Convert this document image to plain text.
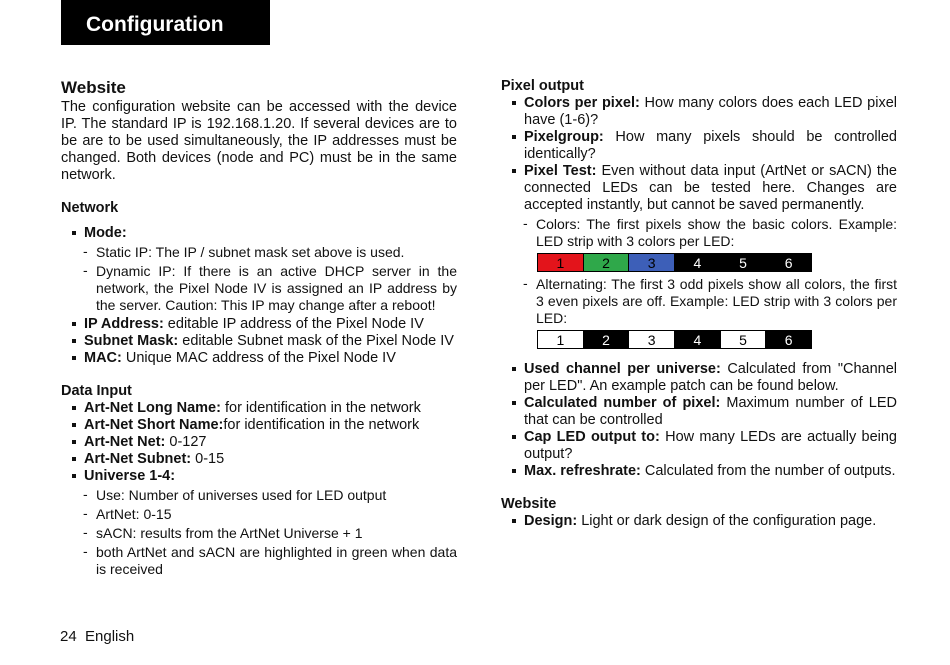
Configuration
Website

The configuration website can be accessed with the device IP. The standard IP is 192.168.1.20. If several devices are to be are to be used simultaneously, the IP addresses must be changed. Both devices (node and PC) must be in the same network.

Network

Mode:

- Static IP: The IP / subnet mask set above is used.

- Dynamic IP: If there is an active DHCP server in the network, the Pixel Node IV is assigned an IP address by the server. Caution: This IP may change after a reboot!

IP Address: editable IP address of the Pixel Node IV

Subnet Mask: editable Subnet mask of the Pixel Node IV

MAC: Unique MAC address of the Pixel Node IV

Data Input

Art-Net Long Name: for identification in the network

Art-Net Short Name:for identification in the network

Art-Net Net: 0-127

Art-Net Subnet: 0-15

Universe 1-4:

- Use: Number of universes used for LED output

- ArtNet: 0-15

- sACN: results from the ArtNet Universe + 1

- both ArtNet and sACN are highlighted in green when data is received

Pixel output

Colors per pixel: How many colors does each LED pixel have (1-6)?

Pixelgroup: How many pixels should be controlled identically?

Pixel Test: Even without data input (ArtNet or sACN) the connected LEDs can be tested here. Changes are accepted instantly, but cannot be saved permanently.

- Colors: The first pixels show the basic colors. Example: LED strip with 3 colors per LED:

1	2	3	4	5	6

- Alternating: The first 3 odd pixels show all colors, the first 3 even pixels are off. Example: LED strip with 3 colors per LED:

1	2	3	4	5	6

Used channel per universe: Calculated from "Channel per LED". An example patch can be found below.

Calculated number of pixel: Maximum number of LED that can be controlled

Cap LED output to: How many LEDs are actually being output?

Max. refreshrate: Calculated from the number of outputs.

Website

Design: Light or dark design of the configuration page.

24  English
